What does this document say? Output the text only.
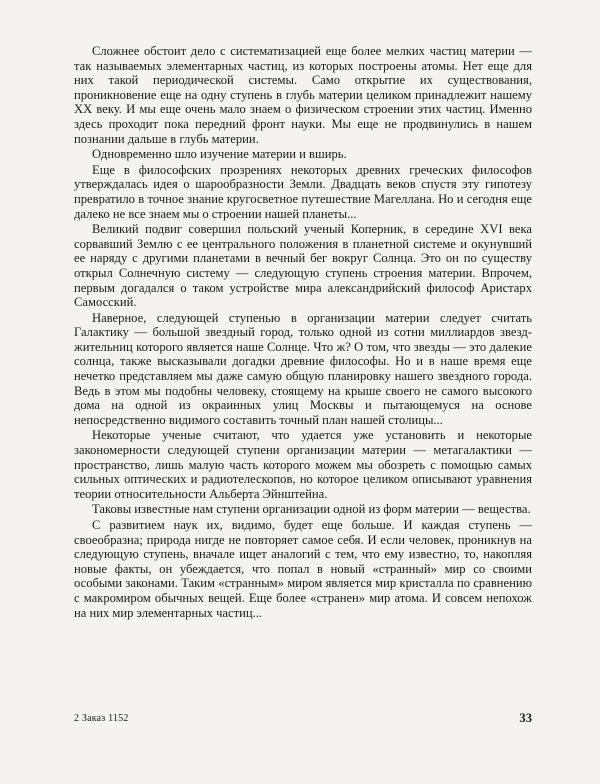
Сложнее обстоит дело с систематизацией еще более мелких частиц материи — так называемых элементарных частиц, из которых построены атомы. Нет еще для них такой периодической системы. Само открытие их существования, проникновение еще на одну ступень в глубь материи целиком принадлежит нашему XX веку. И мы еще очень мало знаем о физическом строении этих частиц. Именно здесь проходит пока передний фронт науки. Мы еще не продвинулись в нашем познании дальше в глубь материи.

Одновременно шло изучение материи и вширь.

Еще в философских прозрениях некоторых древних греческих философов утверждалась идея о шарообразности Земли. Двадцать веков спустя эту гипотезу превратило в точное знание кругосветное путешествие Магеллана. Но и сегодня еще далеко не все знаем мы о строении нашей планеты...

Великий подвиг совершил польский ученый Коперник, в середине XVI века сорвавший Землю с ее центрального положения в планетной системе и окунувший ее наряду с другими планетами в вечный бег вокруг Солнца. Это он по существу открыл Солнечную систему — следующую ступень строения материи. Впрочем, первым догадался о таком устройстве мира александрийский философ Аристарх Самосский.

Наверное, следующей ступенью в организации материи следует считать Галактику — большой звездный город, только одной из сотни миллиардов звезд-жительниц которого является наше Солнце. Что ж? О том, что звезды — это далекие солнца, также высказывали догадки древние философы. Но и в наше время еще нечетко представляем мы даже самую общую планировку нашего звездного города. Ведь в этом мы подобны человеку, стоящему на крыше своего не самого высокого дома на одной из окраинных улиц Москвы и пытающемуся на основе непосредственно видимого составить точный план нашей столицы...

Некоторые ученые считают, что удается уже установить и некоторые закономерности следующей ступени организации материи — метагалактики — пространство, лишь малую часть которого можем мы обозреть с помощью самых сильных оптических и радиотелескопов, но которое целиком описывают уравнения теории относительности Альберта Эйнштейна.

Таковы известные нам ступени организации одной из форм материи — вещества.

С развитием наук их, видимо, будет еще больше. И каждая ступень — своеобразна; природа нигде не повторяет самое себя. И если человек, проникнув на следующую ступень, вначале ищет аналогий с тем, что ему известно, то, накопляя новые факты, он убеждается, что попал в новый «странный» мир со своими особыми законами. Таким «странным» миром является мир кристалла по сравнению с макромиром обычных вещей. Еще более «странен» мир атома. И совсем непохож на них мир элементарных частиц...

2 Заказ 1152	33
